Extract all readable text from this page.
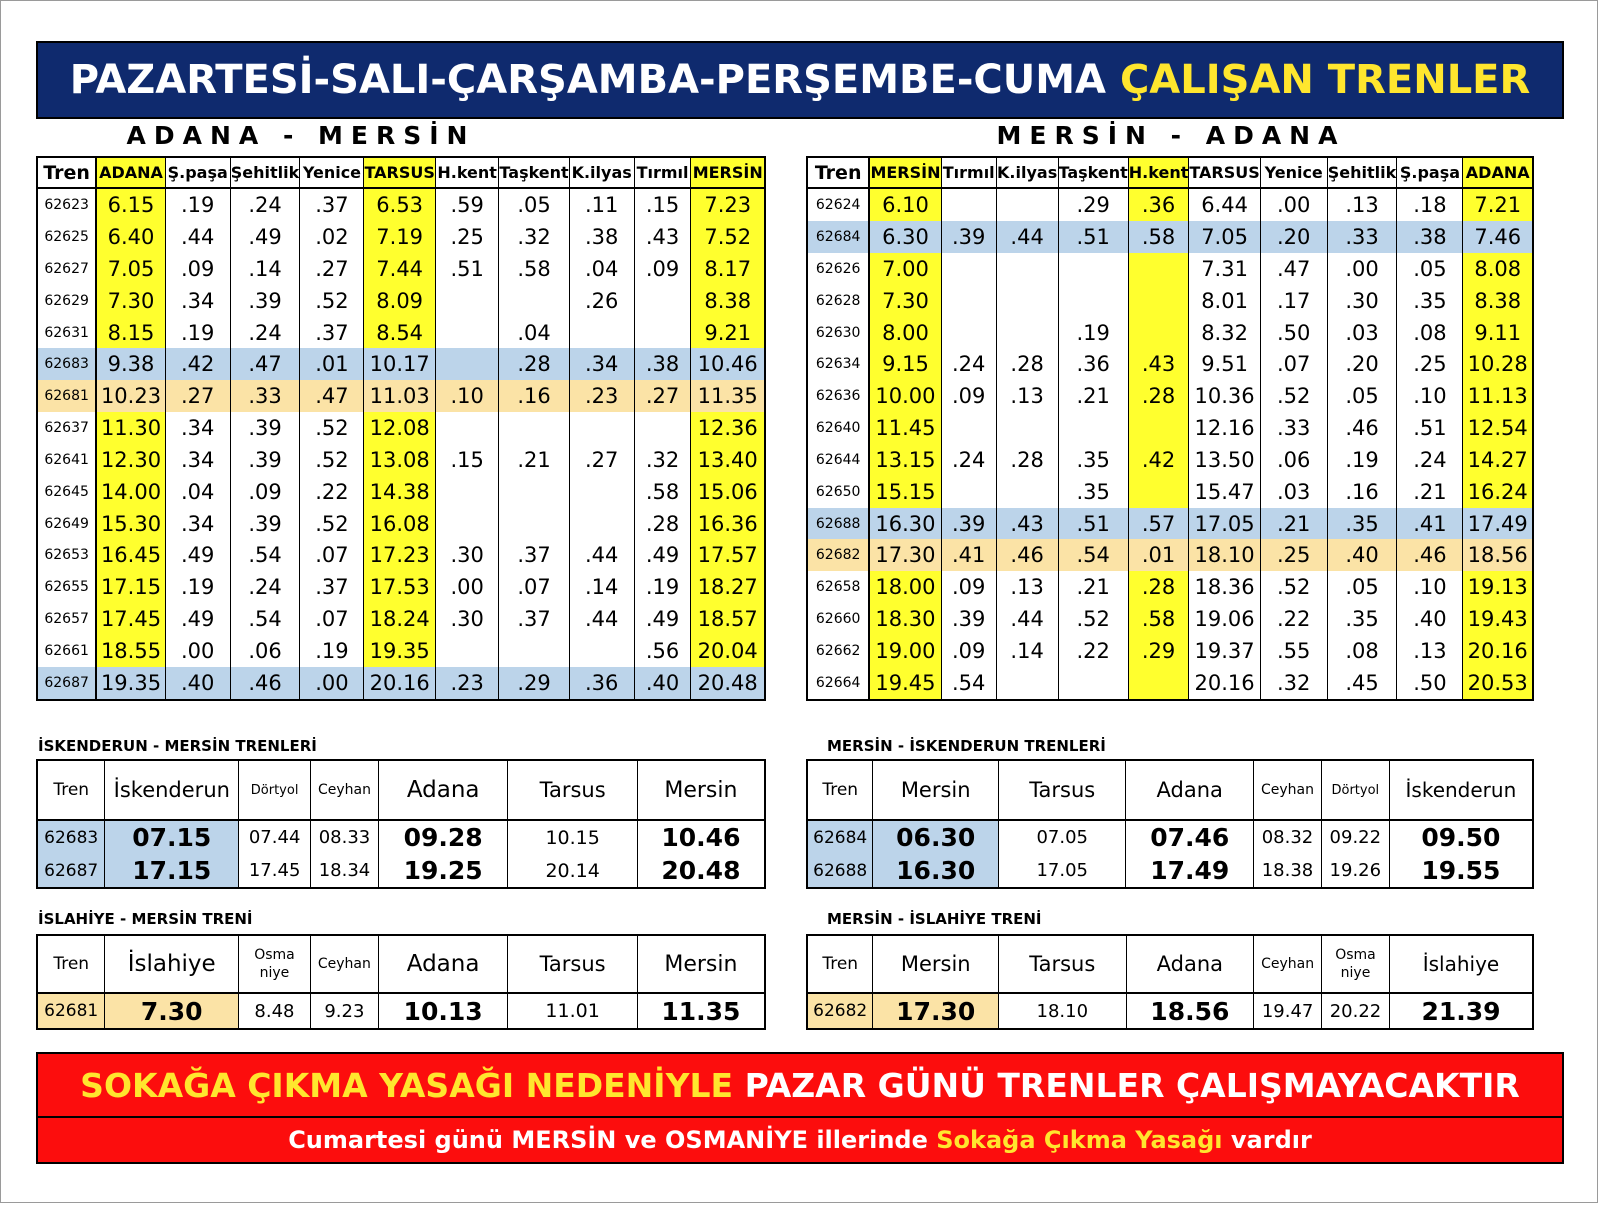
PAZARTESİ-SALI-ÇARŞAMBA-PERŞEMBE-CUMA ÇALIŞAN TRENLER
ADANA - MERSİN	MERSİN - ADANA
Tren	ADANA	Ş.paşa	Şehitlik	Yenice	TARSUS	H.kent	Taşkent	K.ilyas	Tırmıl	MERSİN
62623	6.15	.19	.24	.37	6.53	.59	.05	.11	.15	7.23
62625	6.40	.44	.49	.02	7.19	.25	.32	.38	.43	7.52
62627	7.05	.09	.14	.27	7.44	.51	.58	.04	.09	8.17
62629	7.30	.34	.39	.52	8.09			.26		8.38
62631	8.15	.19	.24	.37	8.54		.04			9.21
62683	9.38	.42	.47	.01	10.17		.28	.34	.38	10.46
62681	10.23	.27	.33	.47	11.03	.10	.16	.23	.27	11.35
62637	11.30	.34	.39	.52	12.08					12.36
62641	12.30	.34	.39	.52	13.08	.15	.21	.27	.32	13.40
62645	14.00	.04	.09	.22	14.38				.58	15.06
62649	15.30	.34	.39	.52	16.08				.28	16.36
62653	16.45	.49	.54	.07	17.23	.30	.37	.44	.49	17.57
62655	17.15	.19	.24	.37	17.53	.00	.07	.14	.19	18.27
62657	17.45	.49	.54	.07	18.24	.30	.37	.44	.49	18.57
62661	18.55	.00	.06	.19	19.35				.56	20.04
62687	19.35	.40	.46	.00	20.16	.23	.29	.36	.40	20.48
Tren	MERSİN	Tırmıl	K.ilyas	Taşkent	H.kent	TARSUS	Yenice	Şehitlik	Ş.paşa	ADANA
62624	6.10			.29	.36	6.44	.00	.13	.18	7.21
62684	6.30	.39	.44	.51	.58	7.05	.20	.33	.38	7.46
62626	7.00					7.31	.47	.00	.05	8.08
62628	7.30					8.01	.17	.30	.35	8.38
62630	8.00			.19		8.32	.50	.03	.08	9.11
62634	9.15	.24	.28	.36	.43	9.51	.07	.20	.25	10.28
62636	10.00	.09	.13	.21	.28	10.36	.52	.05	.10	11.13
62640	11.45					12.16	.33	.46	.51	12.54
62644	13.15	.24	.28	.35	.42	13.50	.06	.19	.24	14.27
62650	15.15			.35		15.47	.03	.16	.21	16.24
62688	16.30	.39	.43	.51	.57	17.05	.21	.35	.41	17.49
62682	17.30	.41	.46	.54	.01	18.10	.25	.40	.46	18.56
62658	18.00	.09	.13	.21	.28	18.36	.52	.05	.10	19.13
62660	18.30	.39	.44	.52	.58	19.06	.22	.35	.40	19.43
62662	19.00	.09	.14	.22	.29	19.37	.55	.08	.13	20.16
62664	19.45	.54				20.16	.32	.45	.50	20.53
İSKENDERUN - MERSİN TRENLERİ	MERSİN - İSKENDERUN TRENLERİ
Tren	İskenderun	Dörtyol	Ceyhan	Adana	Tarsus	Mersin
62683	07.15	07.44	08.33	09.28	10.15	10.46
62687	17.15	17.45	18.34	19.25	20.14	20.48
Tren	Mersin	Tarsus	Adana	Ceyhan	Dörtyol	İskenderun
62684	06.30	07.05	07.46	08.32	09.22	09.50
62688	16.30	17.05	17.49	18.38	19.26	19.55
İSLAHİYE - MERSİN TRENİ	MERSİN - İSLAHİYE TRENİ
Tren	İslahiye	Osma niye	Ceyhan	Adana	Tarsus	Mersin
62681	7.30	8.48	9.23	10.13	11.01	11.35
Tren	Mersin	Tarsus	Adana	Ceyhan	Osma niye	İslahiye
62682	17.30	18.10	18.56	19.47	20.22	21.39
SOKAĞA ÇIKMA YASAĞI NEDENİYLE PAZAR GÜNÜ TRENLER ÇALIŞMAYACAKTIR
Cumartesi günü MERSİN ve OSMANİYE illerinde Sokağa Çıkma Yasağı vardır
